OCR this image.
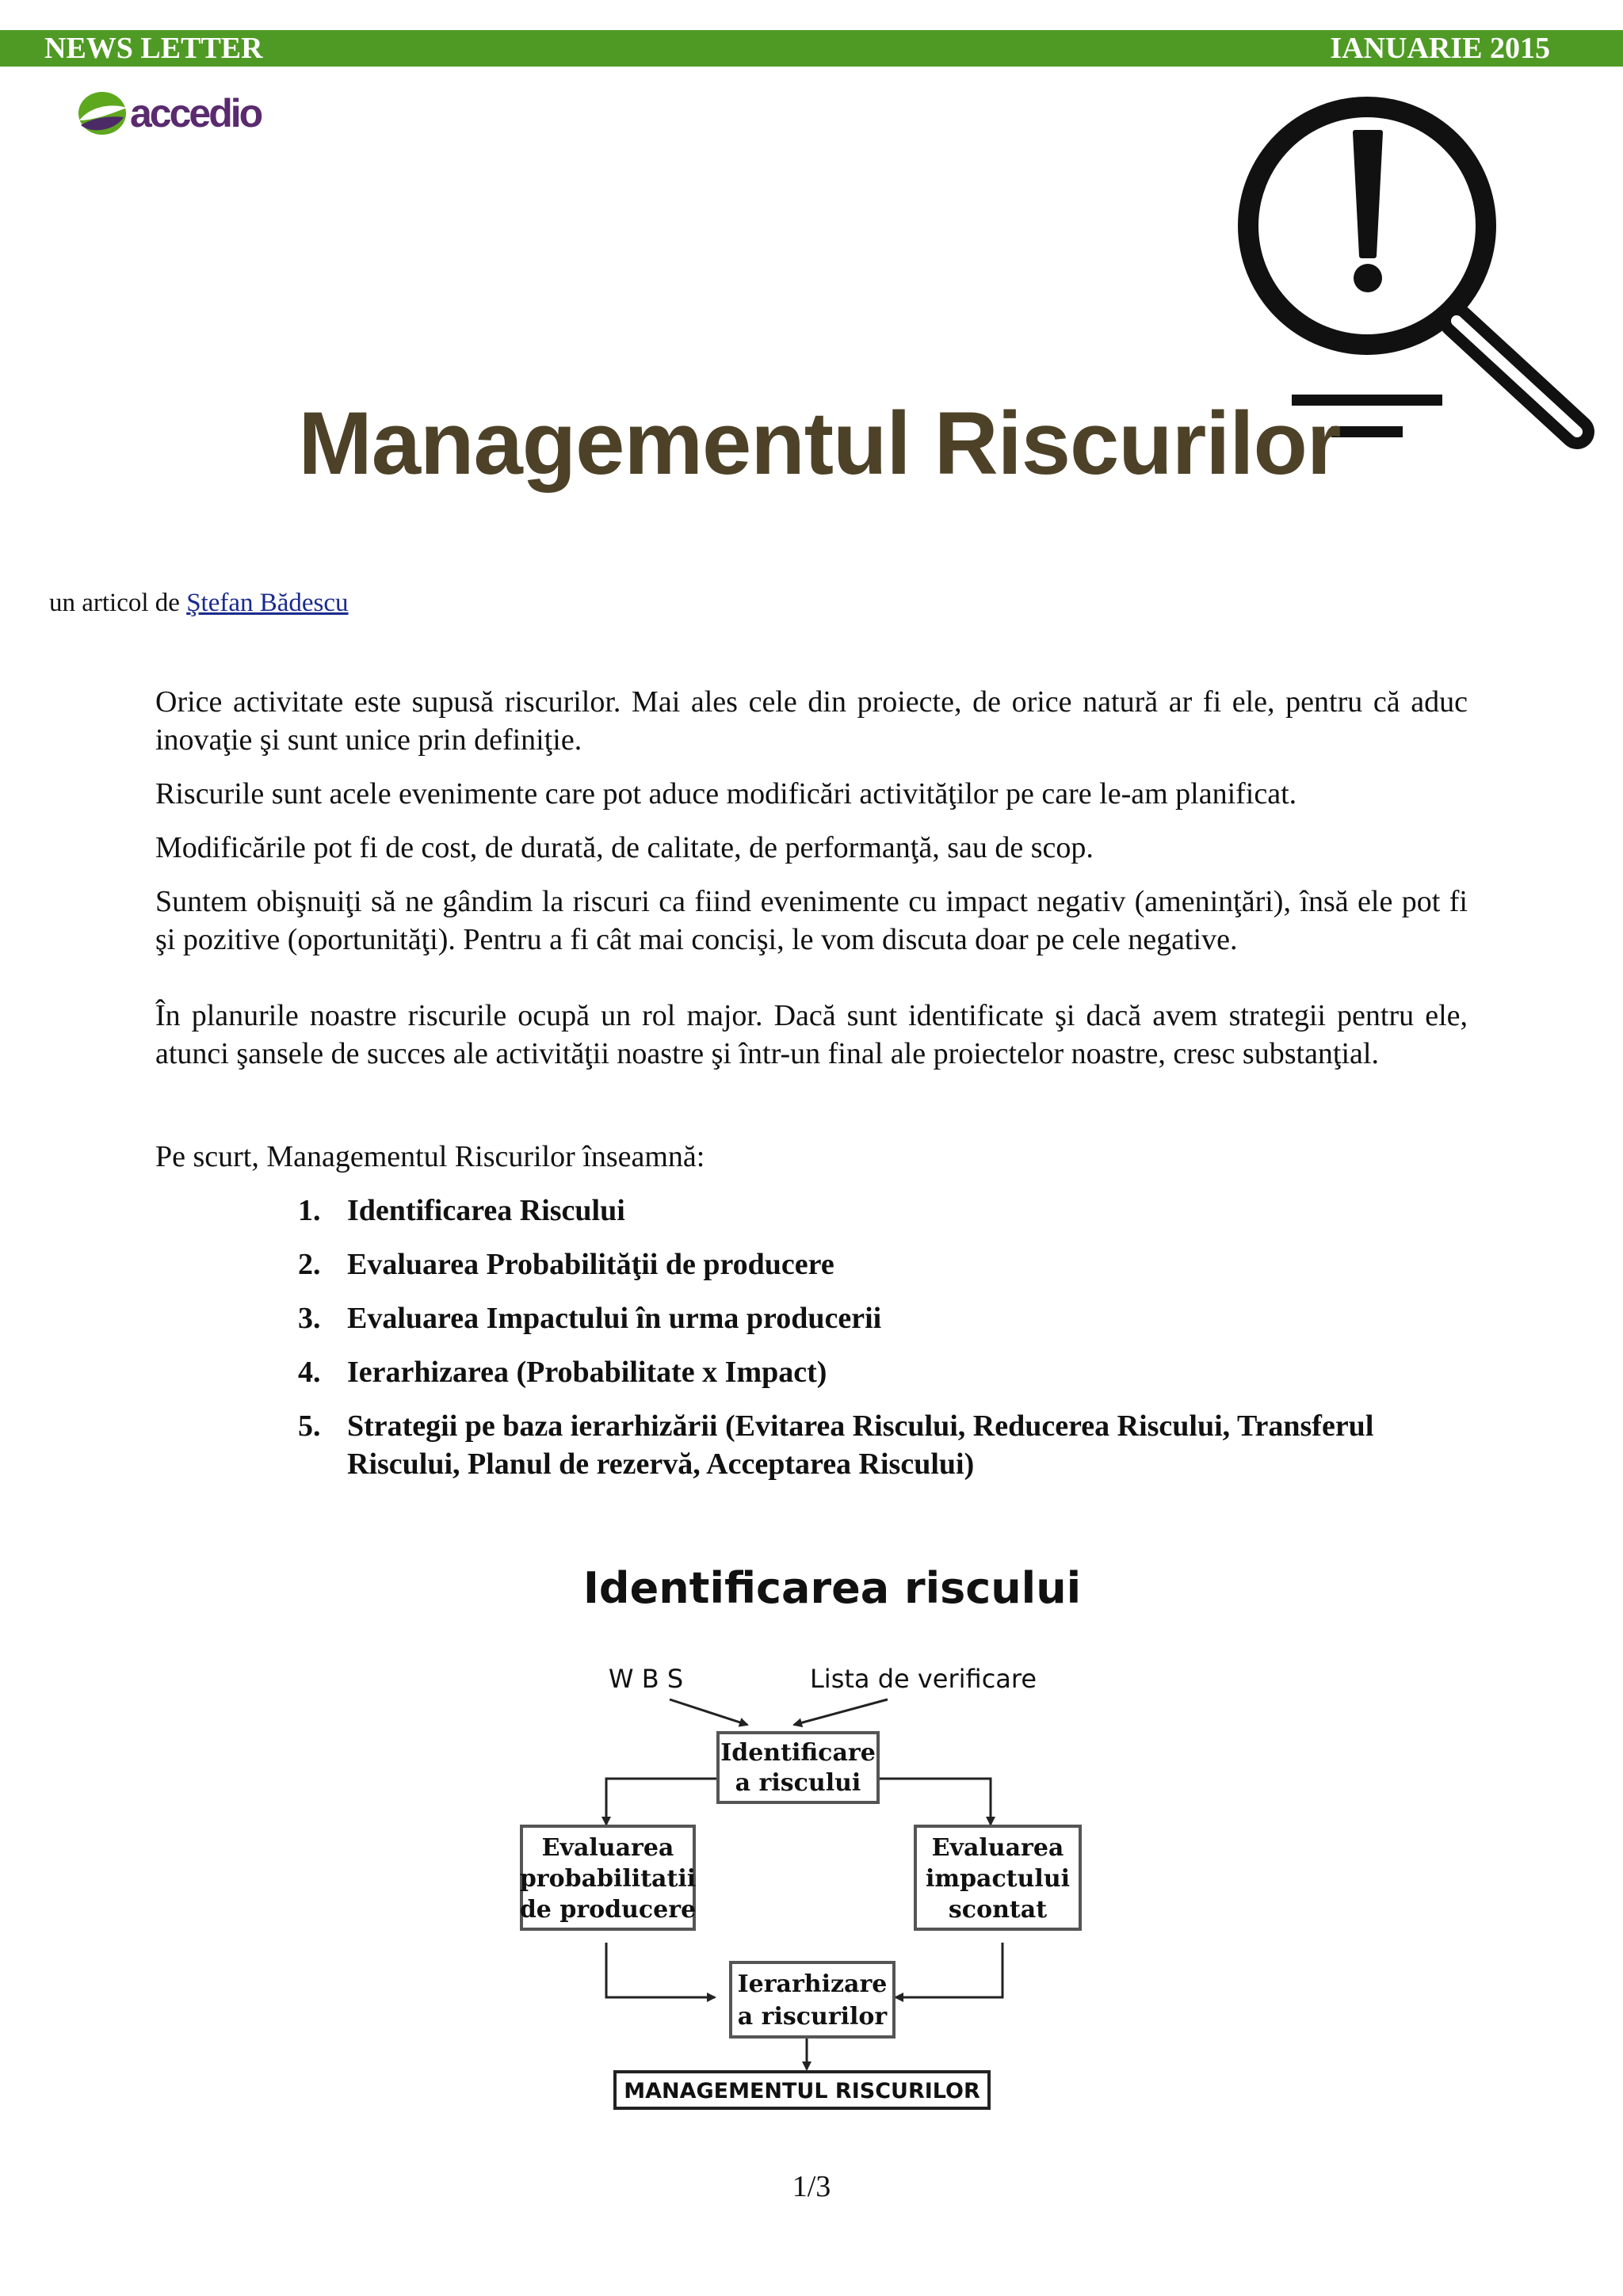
NEWS LETTER	IANUARIE 2015
accedio
Managementul Riscurilor
un articol de Ştefan Bădescu

Orice activitate este supusă riscurilor. Mai ales cele din proiecte, de orice natură ar fi ele, pentru că aduc inovaţie şi sunt unice prin definiţie.

Riscurile sunt acele evenimente care pot aduce modificări activităţilor pe care le-am planificat.

Modificările pot fi de cost, de durată, de calitate, de performanţă, sau de scop.

Suntem obişnuiţi să ne gândim la riscuri ca fiind evenimente cu impact negativ (ameninţări), însă ele pot fi şi pozitive (oportunităţi). Pentru a fi cât mai concişi, le vom discuta doar pe cele negative.

În planurile noastre riscurile ocupă un rol major. Dacă sunt identificate şi dacă avem strategii pentru ele, atunci şansele de succes ale activităţii noastre şi într-un final ale proiectelor noastre, cresc substanţial.

Pe scurt, Managementul Riscurilor înseamnă:

1. Identificarea Riscului
2. Evaluarea Probabilităţii de producere
3. Evaluarea Impactului în urma producerii
4. Ierarhizarea (Probabilitate x Impact)
5. Strategii pe baza ierarhizării (Evitarea Riscului, Reducerea Riscului, Transferul Riscului, Planul de rezervă, Acceptarea Riscului)
Identificarea riscului
W B S	Lista de verificare
Identificare
a riscului
Evaluarea
probabilitatii
de producere
Evaluarea
impactului
scontat
Ierarhizare
a riscurilor
MANAGEMENTUL RISCURILOR
1/3
